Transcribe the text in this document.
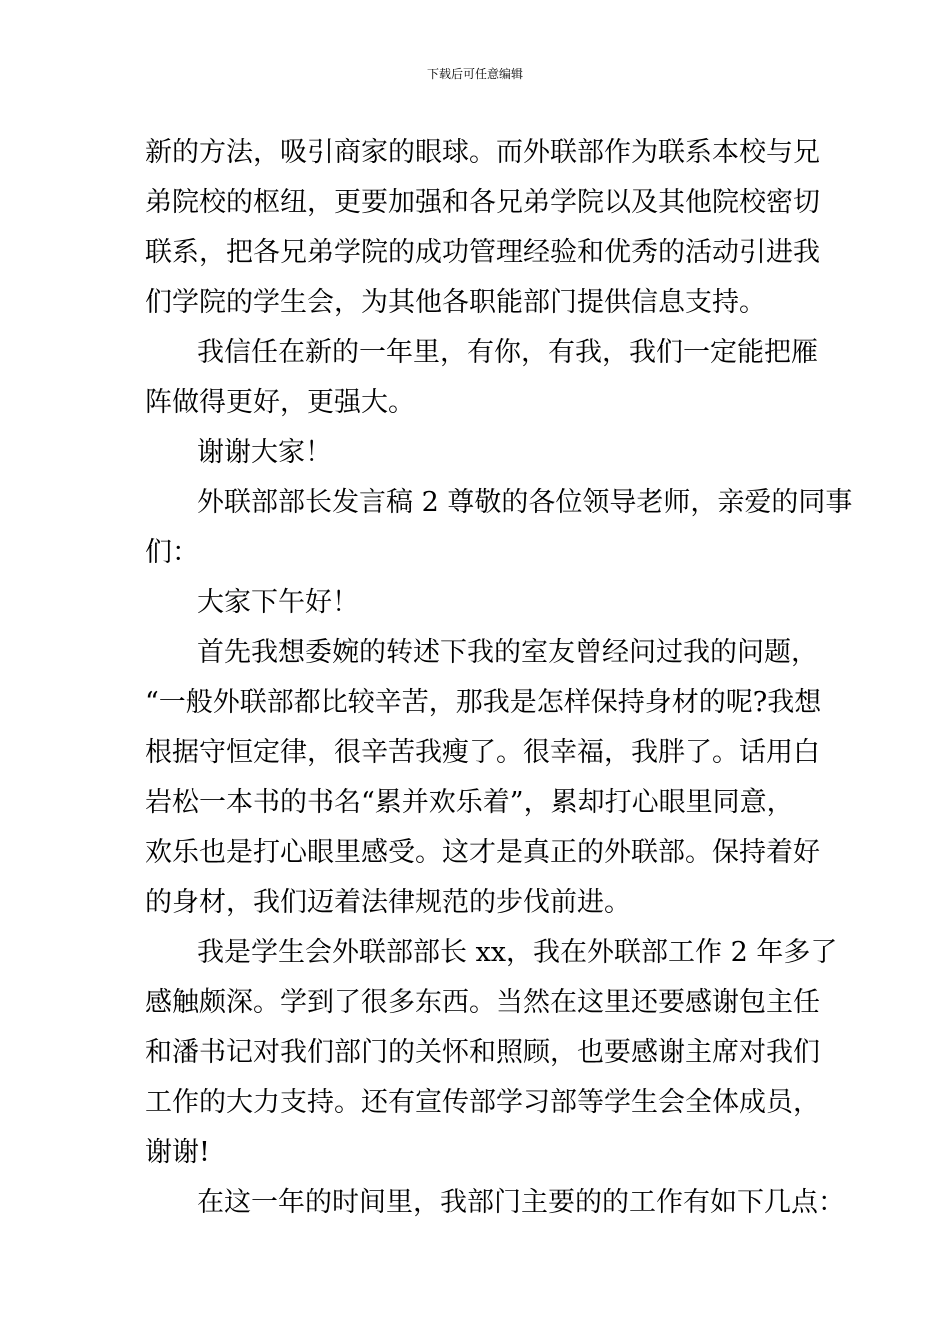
下载后可任意编辑
新的方法，吸引商家的眼球。而外联部作为联系本校与兄
弟院校的枢纽，更要加强和各兄弟学院以及其他院校密切
联系，把各兄弟学院的成功管理经验和优秀的活动引进我
们学院的学生会，为其他各职能部门提供信息支持。
我信任在新的一年里，有你，有我，我们一定能把雁
阵做得更好，更强大。
谢谢大家！
外联部部长发言稿 2 尊敬的各位领导老师，亲爱的同事
们：
大家下午好！
首先我想委婉的转述下我的室友曾经问过我的问题，
“一般外联部都比较辛苦，那我是怎样保持身材的呢?我想
根据守恒定律，很辛苦我瘦了。很幸福，我胖了。话用白
岩松一本书的书名“累并欢乐着”，累却打心眼里同意，
欢乐也是打心眼里感受。这才是真正的外联部。保持着好
的身材，我们迈着法律规范的步伐前进。
我是学生会外联部部长 xx，我在外联部工作 2 年多了
感触颇深。学到了很多东西。当然在这里还要感谢包主任
和潘书记对我们部门的关怀和照顾，也要感谢主席对我们
工作的大力支持。还有宣传部学习部等学生会全体成员，
谢谢!
在这一年的时间里，我部门主要的的工作有如下几点：
